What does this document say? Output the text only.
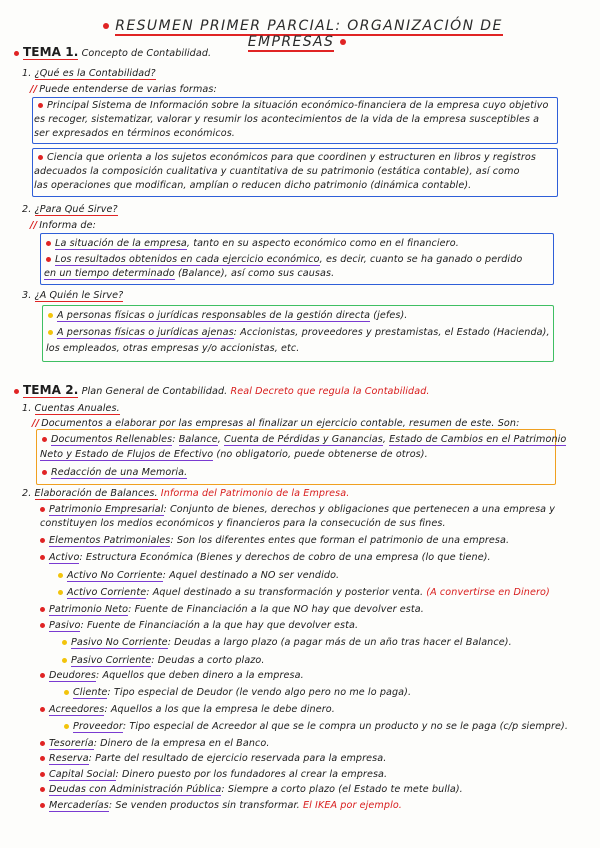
RESUMEN PRIMER PARCIAL: ORGANIZACIÓN DE EMPRESAS
TEMA 1. Concepto de Contabilidad.
1. ¿Qué es la Contabilidad?
// Puede entenderse de varias formas:
Principal Sistema de Información sobre la situación económico-financiera de la empresa cuyo objetivo
es recoger, sistematizar, valorar y resumir los acontecimientos de la vida de la empresa susceptibles a
ser expresados en términos económicos.
Ciencia que orienta a los sujetos económicos para que coordinen y estructuren en libros y registros
adecuados la composición cualitativa y cuantitativa de su patrimonio (estática contable), así como
las operaciones que modifican, amplían o reducen dicho patrimonio (dinámica contable).
2. ¿Para Qué Sirve?
// Informa de:
La situación de la empresa, tanto en su aspecto económico como en el financiero.
Los resultados obtenidos en cada ejercicio económico, es decir, cuanto se ha ganado o perdido
en un tiempo determinado (Balance), así como sus causas.
3. ¿A Quién le Sirve?
A personas físicas o jurídicas responsables de la gestión directa (jefes).
A personas físicas o jurídicas ajenas: Accionistas, proveedores y prestamistas, el Estado (Hacienda),
los empleados, otras empresas y/o accionistas, etc.
TEMA 2. Plan General de Contabilidad. Real Decreto que regula la Contabilidad.
1. Cuentas Anuales.
// Documentos a elaborar por las empresas al finalizar un ejercicio contable, resumen de este. Son:
Documentos Rellenables: Balance, Cuenta de Pérdidas y Ganancias, Estado de Cambios en el Patrimonio
Neto y Estado de Flujos de Efectivo (no obligatorio, puede obtenerse de otros).
Redacción de una Memoria.
2. Elaboración de Balances. Informa del Patrimonio de la Empresa.
Patrimonio Empresarial: Conjunto de bienes, derechos y obligaciones que pertenecen a una empresa y
constituyen los medios económicos y financieros para la consecución de sus fines.
Elementos Patrimoniales: Son los diferentes entes que forman el patrimonio de una empresa.
Activo: Estructura Económica (Bienes y derechos de cobro de una empresa (lo que tiene).
Activo No Corriente: Aquel destinado a NO ser vendido.
Activo Corriente: Aquel destinado a su transformación y posterior venta. (A convertirse en Dinero)
Patrimonio Neto: Fuente de Financiación a la que NO hay que devolver esta.
Pasivo: Fuente de Financiación a la que hay que devolver esta.
Pasivo No Corriente: Deudas a largo plazo (a pagar más de un año tras hacer el Balance).
Pasivo Corriente: Deudas a corto plazo.
Deudores: Aquellos que deben dinero a la empresa.
Cliente: Tipo especial de Deudor (le vendo algo pero no me lo paga).
Acreedores: Aquellos a los que la empresa le debe dinero.
Proveedor: Tipo especial de Acreedor al que se le compra un producto y no se le paga (c/p siempre).
Tesorería: Dinero de la empresa en el Banco.
Reserva: Parte del resultado de ejercicio reservada para la empresa.
Capital Social: Dinero puesto por los fundadores al crear la empresa.
Deudas con Administración Pública: Siempre a corto plazo (el Estado te mete bulla).
Mercaderías: Se venden productos sin transformar. El IKEA por ejemplo.
